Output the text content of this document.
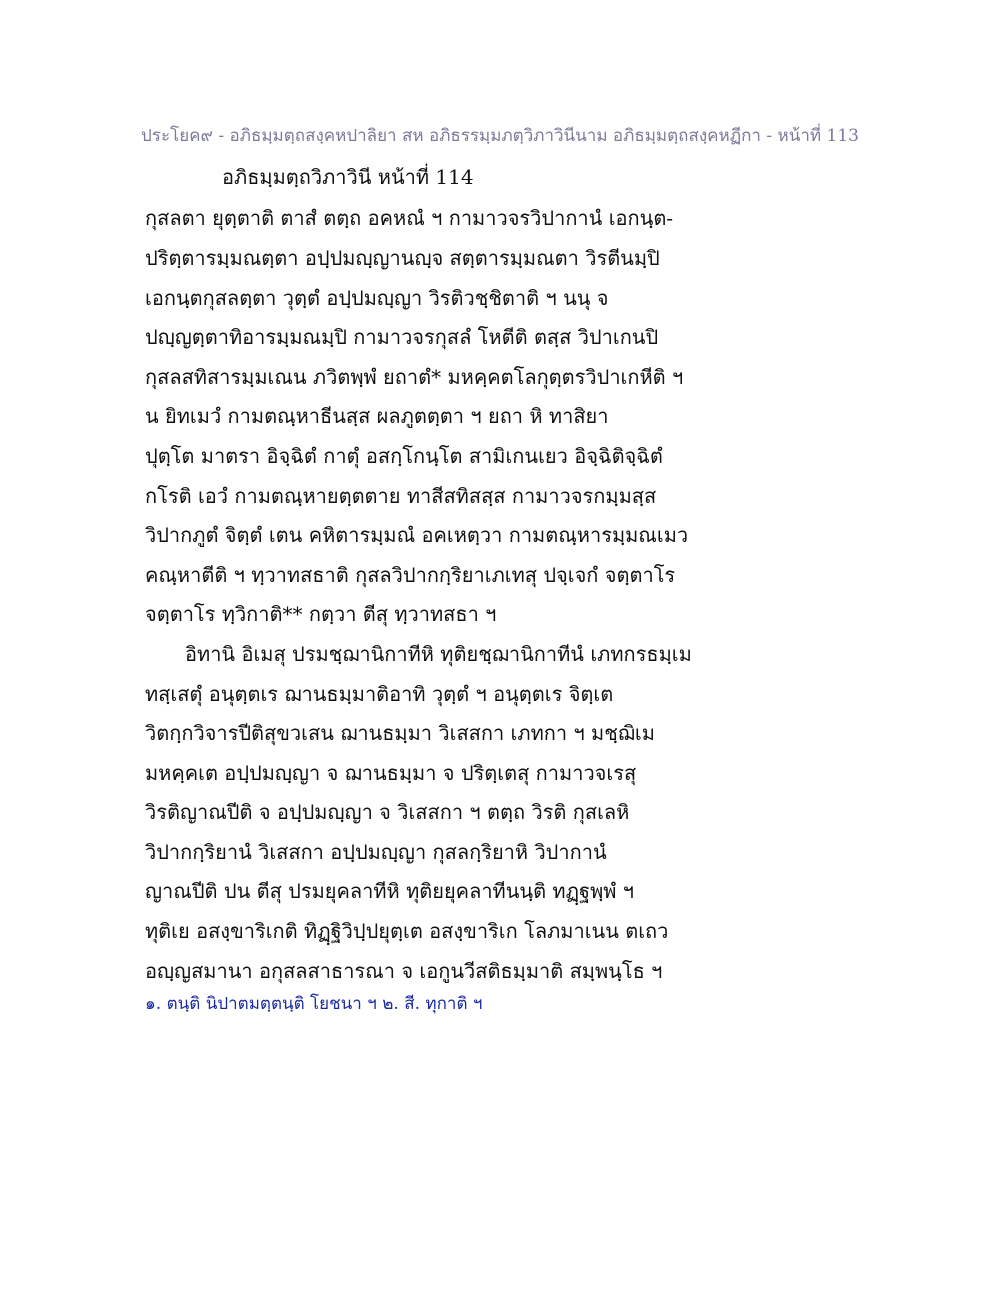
ประโยค๙ - อภิธมฺมตฺถสงฺคหปาลิยา สห อภิธรรมฺมภตฺวิภาวินีนาม อภิธมฺมตฺถสงฺคหฏีกา - หน้าที่ 113
อภิธมฺมตฺถวิภาวินี หน้าที่ 114
กุสลตา ยุตฺตาติ ตาสํ ตตฺถ อคหณํ ฯ กามาวจรวิปากานํ เอกนฺต-
ปริตฺตารมฺมณตฺตา อปฺปมญฺญานญฺจ สตฺตารมฺมณตา วิรตีนมฺปิ
เอกนฺตกุสลตฺตา วุตฺตํ อปฺปมญฺญา วิรติวชฺชิตาติ ฯ นนุ จ
ปญฺญตฺตาทิอารมฺมณมฺปิ กามาวจรกุสลํ โหตีติ ตสฺส วิปาเกนปิ
กุสลสทิสารมฺมเณน ภวิตพฺพํ ยถาตํ* มหคฺคตโลกุตฺตรวิปาเกหีติ ฯ
น ยิทเมวํ กามตณฺหาธีนสฺส ผลภูตตฺตา ฯ ยถา หิ ทาสิยา
ปุตฺโต มาตรา อิจฺฉิตํ กาตุํ อสกฺโกนฺโต สามิเกนเยว อิจฺฉิติจฺฉิตํ
กโรติ เอวํ กามตณฺหายตฺตตาย ทาสีสทิสสฺส กามาวจรกมฺมสฺส
วิปากภูตํ จิตฺตํ เตน คหิตารมฺมณํ อคเหตฺวา กามตณฺหารมฺมณเมว
คณฺหาตีติ ฯ ทฺวาทสธาติ กุสลวิปากกฺริยาเภเทสุ ปจฺเจกํ จตฺตาโร
จตฺตาโร ทฺวิกาติ** กตฺวา ตีสุ ทฺวาทสธา ฯ
อิทานิ อิเมสุ ปรมชฺฌานิกาทีหิ ทุติยชฺฌานิกาทีนํ เภทกรธมฺเม
ทสฺเสตุํ อนุตฺตเร ฌานธมฺมาติอาทิ วุตฺตํ ฯ อนุตฺตเร จิตฺเต
วิตกฺกวิจารปีติสุขวเสน ฌานธมฺมา วิเสสกา เภทกา ฯ มชฺฌิเม
มหคฺคเต อปฺปมญฺญา จ ฌานธมฺมา จ ปริตฺเตสุ กามาวจเรสุ
วิรติญาณปีติ จ อปฺปมญฺญา จ วิเสสกา ฯ ตตฺถ วิรติ กุสเลหิ
วิปากกฺริยานํ วิเสสกา อปฺปมญฺญา กุสลกฺริยาหิ วิปากานํ
ญาณปีติ ปน ตีสุ ปรมยุคลาทีหิ ทุติยยุคลาทีนนฺติ ทฏฺฐพฺพํ ฯ
ทุติเย อสงฺขาริเกติ ทิฏฺฐิวิปฺปยุตฺเต อสงฺขาริเก โลภมาเนน ตเถว
อญฺญสมานา อกุสลสาธารณา จ เอกูนวีสติธมฺมาติ สมฺพนฺโธ ฯ
๑. ตนฺติ นิปาตมตฺตนฺติ โยชนา ฯ ๒. สี. ทุกาติ ฯ
